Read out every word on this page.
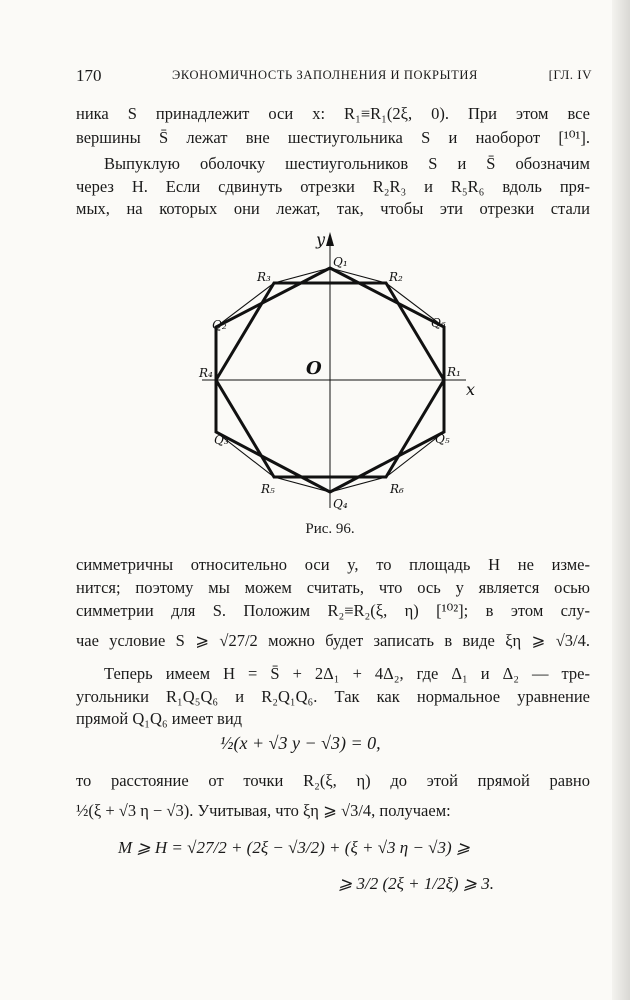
170	ЭКОНОМИЧНОСТЬ ЗАПОЛНЕНИЯ И ПОКРЫТИЯ	[ГЛ. IV
ника S принадлежит оси x: R₁≡R₁(2ξ, 0). При этом все
вершины S̄ лежат вне шестиугольника S и наоборот [¹⁰¹].
Выпуклую оболочку шестиугольников S и S̄ обозначим
через H. Если сдвинуть отрезки R₂R₃ и R₅R₆ вдоль пря-
мых, на которых они лежат, так, чтобы эти отрезки стали
y
x
O
Q₁
Q₂
Q₃
Q₄
Q₅
Q₆
R₁
R₂
R₃
R₄
R₅	R₆
Рис. 96.
симметричны относительно оси y, то площадь H не изме-
нится; поэтому мы можем считать, что ось y является осью
симметрии для S. Положим R₂≡R₂(ξ, η) [¹⁰²]; в этом слу-
чае условие S ⩾ √27/2 можно будет записать в виде ξη ⩾ √3/4.
Теперь имеем H = S̄ + 2Δ₁ + 4Δ₂, где Δ₁ и Δ₂ — тре-
угольники R₁Q₅Q₆ и R₂Q₁Q₆. Так как нормальное уравнение
прямой Q₁Q₆ имеет вид
½(x + √3 y − √3) = 0,
то расстояние от точки R₂(ξ, η) до этой прямой равно
½(ξ + √3 η − √3). Учитывая, что ξη ⩾ √3/4, получаем:
M ⩾ H = √27/2 + (2ξ − √3/2) + (ξ + √3 η − √3) ⩾
⩾ 3/2 (2ξ + 1/2ξ) ⩾ 3.
